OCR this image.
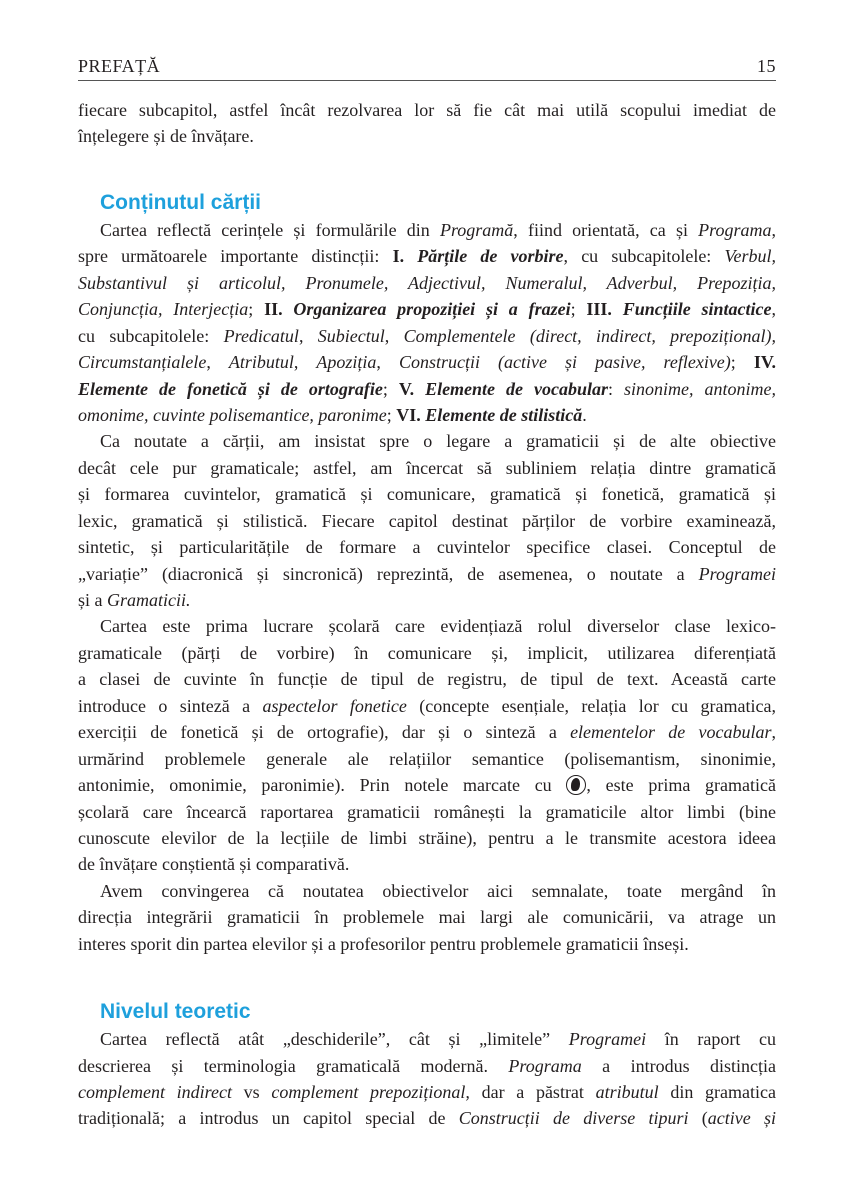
PREFAȚĂ	15
fiecare subcapitol, astfel încât rezolvarea lor să fie cât mai utilă scopului imediat de
înțelegere și de învățare.
Conținutul cărții
Cartea reflectă cerințele și formulările din Programă, fiind orientată, ca și Programa,
spre următoarele importante distincții: I. Părțile de vorbire, cu subcapitolele: Verbul,
Substantivul și articolul, Pronumele, Adjectivul, Numeralul, Adverbul, Prepoziția,
Conjuncția, Interjecția; II. Organizarea propoziției și a frazei; III. Funcțiile sintactice,
cu subcapitolele: Predicatul, Subiectul, Complementele (direct, indirect, prepozițional),
Circumstanțialele, Atributul, Apoziția, Construcții (active și pasive, reflexive); IV.
Elemente de fonetică și de ortografie; V. Elemente de vocabular: sinonime, antonime,
omonime, cuvinte polisemantice, paronime; VI. Elemente de stilistică.
Ca noutate a cărții, am insistat spre o legare a gramaticii și de alte obiective
decât cele pur gramaticale; astfel, am încercat să subliniem relația dintre gramatică
și formarea cuvintelor, gramatică și comunicare, gramatică și fonetică, gramatică și
lexic, gramatică și stilistică. Fiecare capitol destinat părților de vorbire examinează,
sintetic, și particularitățile de formare a cuvintelor specifice clasei. Conceptul de
„variație” (diacronică și sincronică) reprezintă, de asemenea, o noutate a Programei
și a Gramaticii.
Cartea este prima lucrare școlară care evidențiază rolul diverselor clase lexico-
gramaticale (părți de vorbire) în comunicare și, implicit, utilizarea diferențiată
a clasei de cuvinte în funcție de tipul de registru, de tipul de text. Această carte
introduce o sinteză a aspectelor fonetice (concepte esențiale, relația lor cu gramatica,
exerciții de fonetică și de ortografie), dar și o sinteză a elementelor de vocabular,
urmărind problemele generale ale relațiilor semantice (polisemantism, sinonimie,
antonimie, omonimie, paronimie). Prin notele marcate cu , este prima gramatică
școlară care încearcă raportarea gramaticii românești la gramaticile altor limbi (bine
cunoscute elevilor de la lecțiile de limbi străine), pentru a le transmite acestora ideea
de învățare conștientă și comparativă.
Avem convingerea că noutatea obiectivelor aici semnalate, toate mergând în
direcția integrării gramaticii în problemele mai largi ale comunicării, va atrage un
interes sporit din partea elevilor și a profesorilor pentru problemele gramaticii înseși.
Nivelul teoretic
Cartea reflectă atât „deschiderile”, cât și „limitele” Programei în raport cu
descrierea și terminologia gramaticală modernă. Programa a introdus distincția
complement indirect vs complement prepozițional, dar a păstrat atributul din gramatica
tradițională; a introdus un capitol special de Construcții de diverse tipuri (active și
